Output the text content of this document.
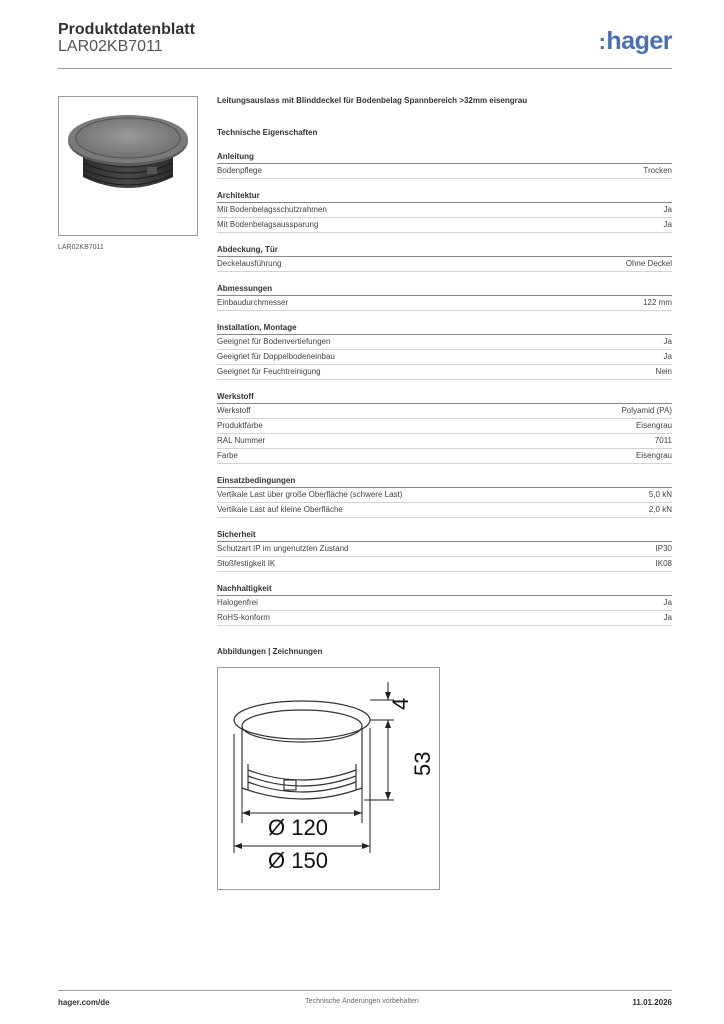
Produktdatenblatt
LAR02KB7011	:hager
LAR02KB7011
Leitungsauslass mit Blinddeckel für Bodenbelag Spannbereich >32mm eisengrau
Technische Eigenschaften
Anleitung
Bodenpflege	Trocken
Architektur
Mit Bodenbelagsschutzrahmen	Ja
Mit Bodenbelagsaussparung	Ja
Abdeckung, Tür
Deckelausführung	Ohne Deckel
Abmessungen
Einbaudurchmesser	122 mm
Installation, Montage
Geeignet für Bodenvertiefungen	Ja
Geeignet für Doppelbodeneinbau	Ja
Geeignet für Feuchtreinigung	Nein
Werkstoff
Werkstoff	Polyamid (PA)
Produktfarbe	Eisengrau
RAL Nummer	7011
Farbe	Eisengrau
Einsatzbedingungen
Vertikale Last über große Oberfläche (schwere Last)	5,0 kN
Vertikale Last auf kleine Oberfläche	2,0 kN
Sicherheit
Schutzart IP im ungenutzten Zustand	IP30
Stoßfestigkeit IK	IK08
Nachhaltigkeit
Halogenfrei	Ja
RoHS-konform	Ja
Abbildungen | Zeichnungen
4
53
Ø 120
Ø 150
hager.com/de	Technische Änderungen vorbehalten	11.01.2026
